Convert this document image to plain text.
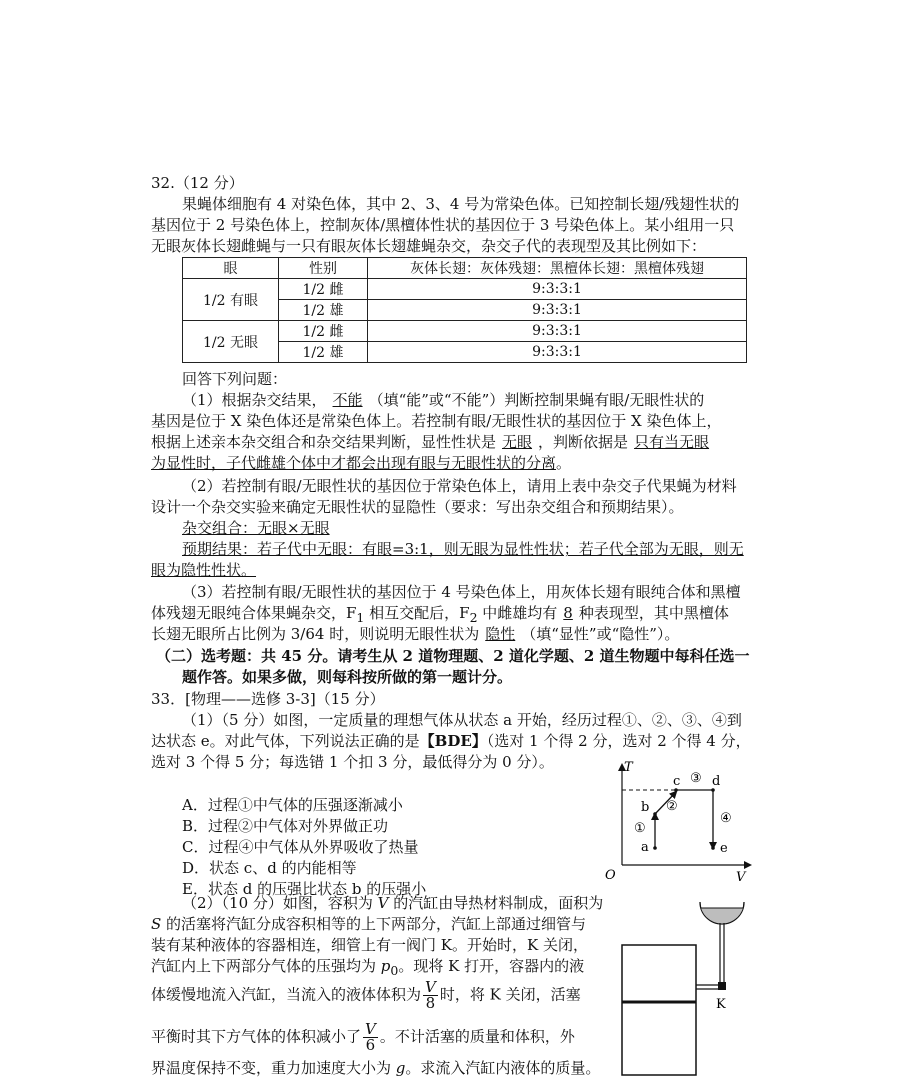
32.（12 分）
果蝇体细胞有 4 对染色体，其中 2、3、4 号为常染色体。已知控制长翅/残翅性状的
基因位于 2 号染色体上，控制灰体/黑檀体性状的基因位于 3 号染色体上。某小组用一只
无眼灰体长翅雌蝇与一只有眼灰体长翅雄蝇杂交，杂交子代的表现型及其比例如下：
眼	性别	灰体长翅：灰体残翅：黑檀体长翅：黑檀体残翅
1/2 有眼	1/2 雌	9:3:3:1
	1/2 雄	9:3:3:1
1/2 无眼	1/2 雌	9:3:3:1
	1/2 雄	9:3:3:1
回答下列问题：
（1）根据杂交结果， 不能 （填“能”或“不能”）判断控制果蝇有眼/无眼性状的
基因是位于 X 染色体还是常染色体上。若控制有眼/无眼性状的基因位于 X 染色体上，
根据上述亲本杂交组合和杂交结果判断，显性性状是 无眼 ，判断依据是 只有当无眼
为显性时，子代雌雄个体中才都会出现有眼与无眼性状的分离。
（2）若控制有眼/无眼性状的基因位于常染色体上，请用上表中杂交子代果蝇为材料
设计一个杂交实验来确定无眼性状的显隐性（要求：写出杂交组合和预期结果）。
杂交组合：无眼×无眼
预期结果：若子代中无眼：有眼=3:1，则无眼为显性性状；若子代全部为无眼，则无
眼为隐性性状。
（3）若控制有眼/无眼性状的基因位于 4 号染色体上，用灰体长翅有眼纯合体和黑檀
体残翅无眼纯合体果蝇杂交，$F_1$ 相互交配后，$F_2$ 中雌雄均有 8 种表现型，其中黑檀体
长翅无眼所占比例为 3/64 时，则说明无眼性状为 隐性 （填“显性”或“隐性”）。
（二）选考题：共 45 分。请考生从 2 道物理题、2 道化学题、2 道生物题中每科任选一
题作答。如果多做，则每科按所做的第一题计分。
33．[物理——选修 3-3]（15 分）
（1）（5 分）如图，一定质量的理想气体从状态 a 开始，经历过程①、②、③、④到
达状态 e。对此气体，下列说法正确的是【BDE】（选对 1 个得 2 分，选对 2 个得 4 分，
选对 3 个得 5 分；每选错 1 个扣 3 分，最低得分为 0 分）。
A．过程①中气体的压强逐渐减小
B．过程②中气体对外界做正功
C．过程④中气体从外界吸收了热量
D．状态 c、d 的内能相等
E．状态 d 的压强比状态 b 的压强小
T
V
O
a
b
c d
e
①
②
③
④
（2）（10 分）如图，容积为 V 的汽缸由导热材料制成，面积为
S 的活塞将汽缸分成容积相等的上下两部分，汽缸上部通过细管与
装有某种液体的容器相连，细管上有一阀门 K。开始时，K 关闭，
汽缸内上下两部分气体的压强均为 $p_0$。现将 K 打开，容器内的液
体缓慢地流入汽缸，当流入的液体体积为 $\frac{V}{8}$ 时，将 K 关闭，活塞
平衡时其下方气体的体积减小了 $\frac{V}{6}$ 。不计活塞的质量和体积，外
界温度保持不变，重力加速度大小为 g。求流入汽缸内液体的质量。
K
